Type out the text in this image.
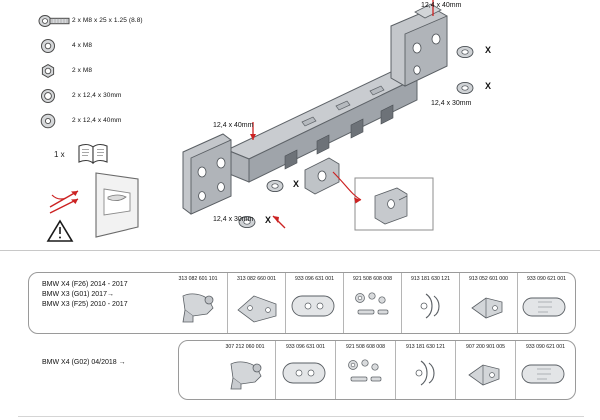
2 x M8 x 25 x 1.25 (8.8)
4 x M8
2 x M8
2 x 12,4 x 30mm
2 x 12,4 x 40mm
1 x
12,4 x 40mm
12,4 x 30mm
12,4 x 40mm
12,4 x 30mm
X
X
X
X
313 082 601 101	313 082 660 001	933 096 631 001	921 508 608 008	913 181 630 121	913 052 601 000	933 090 621 001
BMW X4 (F26) 2014 - 2017
BMW X3 (G01) 2017→
BMW X3 (F25) 2010 - 2017
307 212 060 001	933 096 631 001	921 508 608 008	913 181 630 121	907 200 901 005	933 090 621 001
BMW X4 (G02) 04/2018 →
